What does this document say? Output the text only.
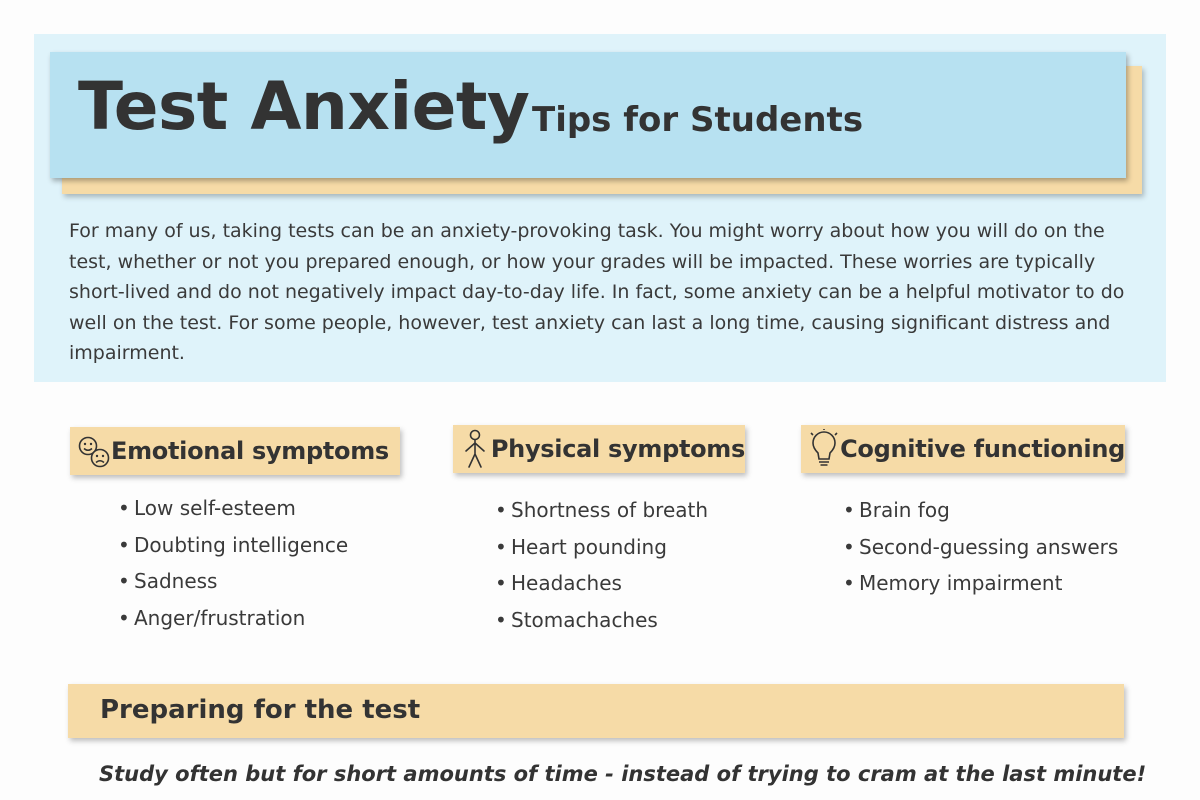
Test Anxiety Tips for Students

For many of us, taking tests can be an anxiety-provoking task. You might worry about how you will do on the test, whether or not you prepared enough, or how your grades will be impacted. These worries are typically short-lived and do not negatively impact day-to-day life. In fact, some anxiety can be a helpful motivator to do well on the test. For some people, however, test anxiety can last a long time, causing significant distress and impairment.

Emotional symptoms
• Low self-esteem
• Doubting intelligence
• Sadness
• Anger/frustration
Physical symptoms
• Shortness of breath
• Heart pounding
• Headaches
• Stomachaches
Cognitive functioning
• Brain fog
• Second-guessing answers
• Memory impairment
Preparing for the test
Study often but for short amounts of time - instead of trying to cram at the last minute!
